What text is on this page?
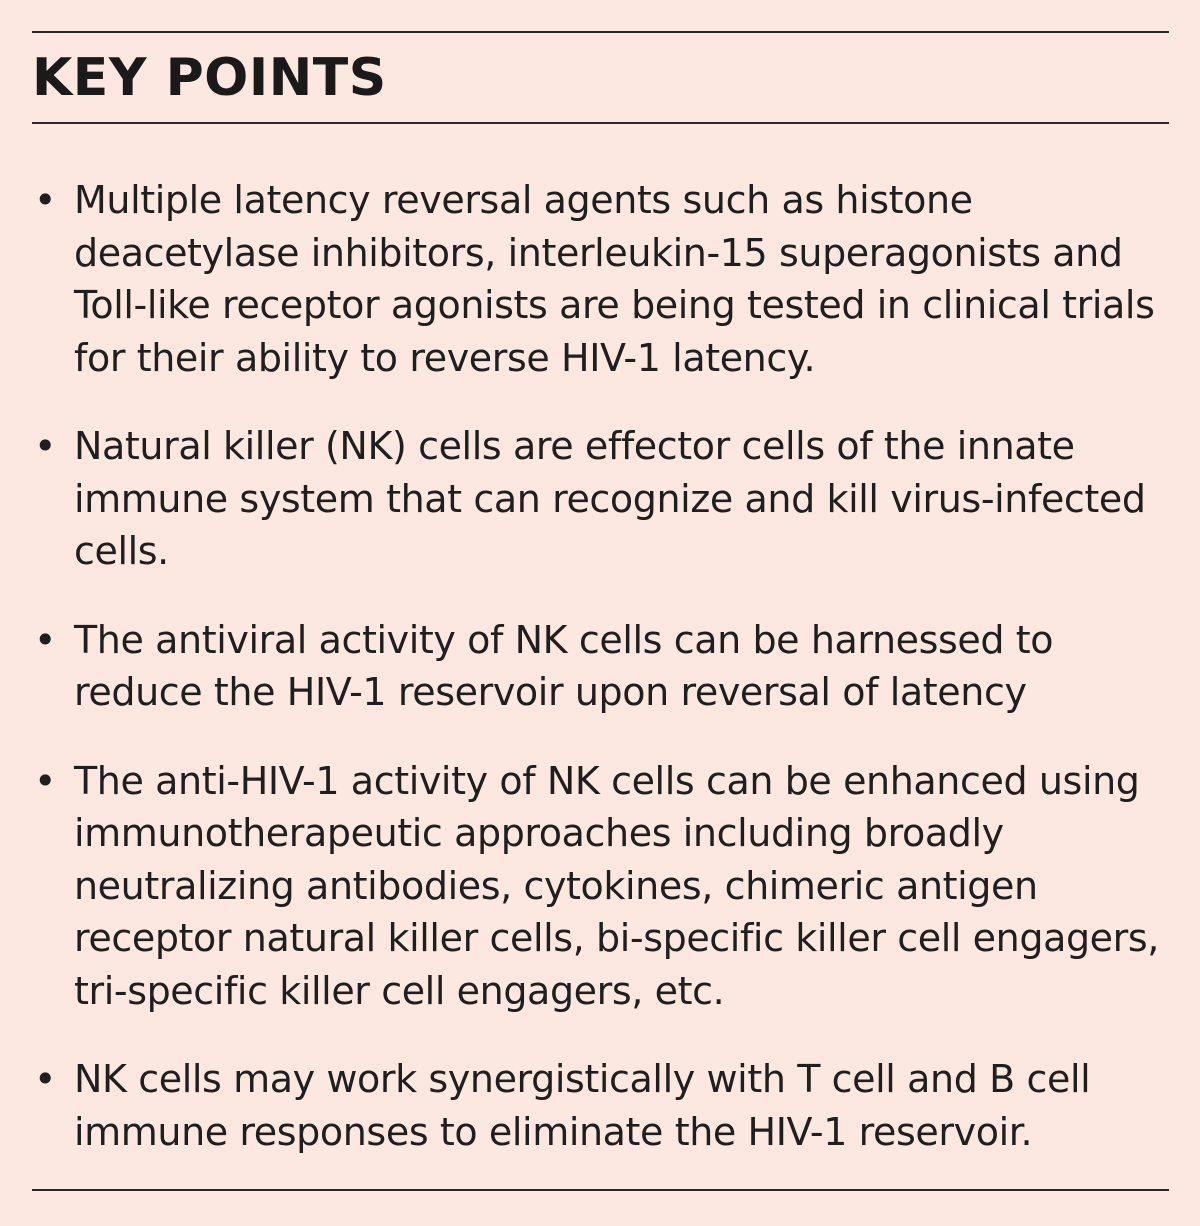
KEY POINTS
• Multiple latency reversal agents such as histone deacetylase inhibitors, interleukin-15 superagonists and Toll-like receptor agonists are being tested in clinical trials for their ability to reverse HIV-1 latency.
• Natural killer (NK) cells are effector cells of the innate immune system that can recognize and kill virus-infected cells.
• The antiviral activity of NK cells can be harnessed to reduce the HIV-1 reservoir upon reversal of latency
• The anti-HIV-1 activity of NK cells can be enhanced using immunotherapeutic approaches including broadly neutralizing antibodies, cytokines, chimeric antigen receptor natural killer cells, bi-specific killer cell engagers, tri-specific killer cell engagers, etc.
• NK cells may work synergistically with T cell and B cell immune responses to eliminate the HIV-1 reservoir.
